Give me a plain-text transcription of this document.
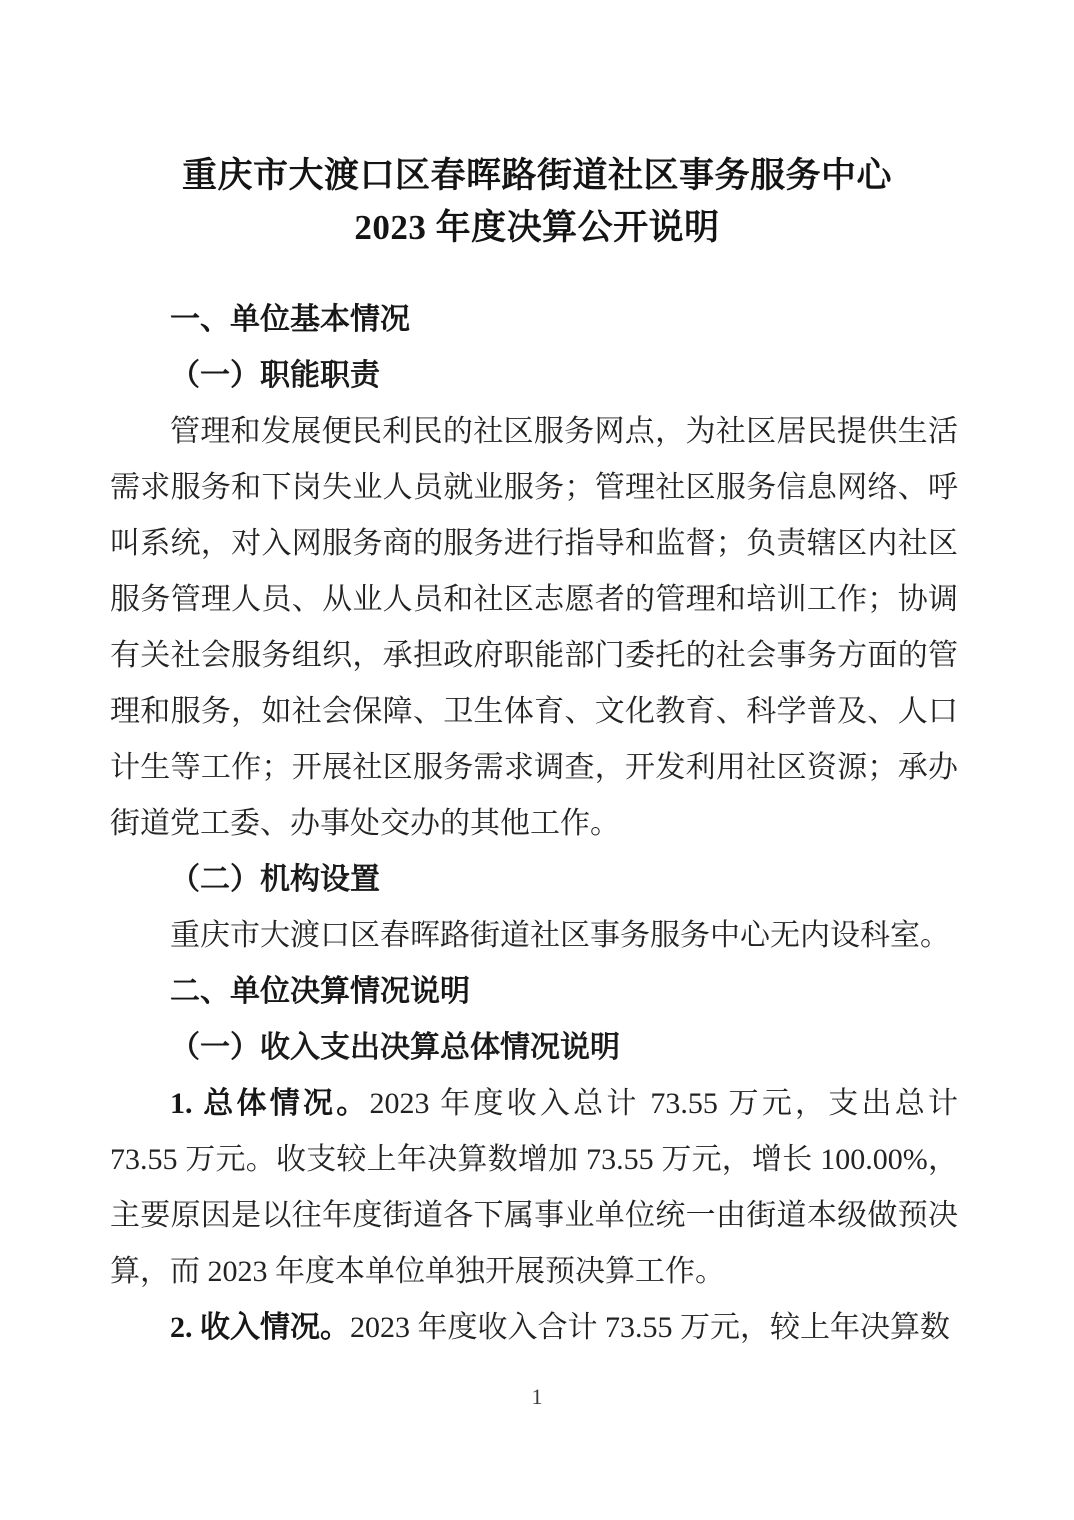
重庆市大渡口区春晖路街道社区事务服务中心
2023 年度决算公开说明
一、单位基本情况
（一）职能职责

管理和发展便民利民的社区服务网点，为社区居民提供生活需求服务和下岗失业人员就业服务；管理社区服务信息网络、呼叫系统，对入网服务商的服务进行指导和监督；负责辖区内社区服务管理人员、从业人员和社区志愿者的管理和培训工作；协调有关社会服务组织，承担政府职能部门委托的社会事务方面的管理和服务，如社会保障、卫生体育、文化教育、科学普及、人口计生等工作；开展社区服务需求调查，开发利用社区资源；承办街道党工委、办事处交办的其他工作。

（二）机构设置

重庆市大渡口区春晖路街道社区事务服务中心无内设科室。

二、单位决算情况说明
（一）收入支出决算总体情况说明

1. 总体情况。2023 年度收入总计 73.55 万元，支出总计 73.55 万元。收支较上年决算数增加 73.55 万元，增长 100.00%，主要原因是以往年度街道各下属事业单位统一由街道本级做预决算，而 2023 年度本单位单独开展预决算工作。

2. 收入情况。2023 年度收入合计 73.55 万元，较上年决算数

1
